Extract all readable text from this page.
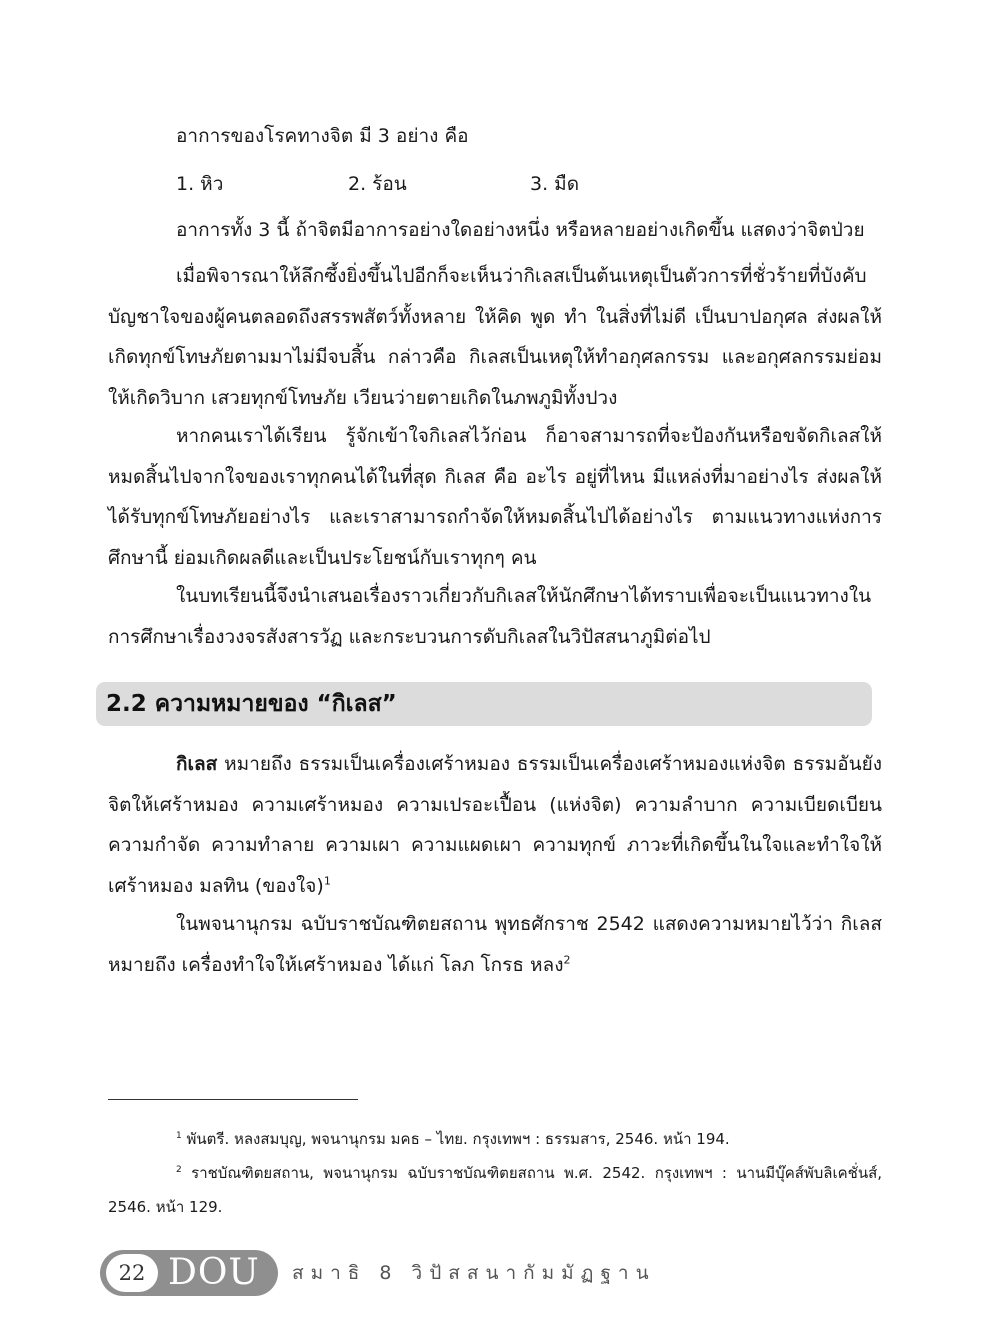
อาการของโรคทางจิต มี 3 อย่าง คือ
1. หิว	2. ร้อน	3. มืด
อาการทั้ง 3 นี้ ถ้าจิตมีอาการอย่างใดอย่างหนึ่ง หรือหลายอย่างเกิดขึ้น แสดงว่าจิตป่วย
เมื่อพิจารณาให้ลึกซึ้งยิ่งขึ้นไปอีกก็จะเห็นว่ากิเลสเป็นต้นเหตุเป็นตัวการที่ชั่วร้ายที่บังคับบัญชาใจของผู้คนตลอดถึงสรรพสัตว์ทั้งหลาย ให้คิด พูด ทำ ในสิ่งที่ไม่ดี เป็นบาปอกุศล ส่งผลให้เกิดทุกข์โทษภัยตามมาไม่มีจบสิ้น กล่าวคือ กิเลสเป็นเหตุให้ทำอกุศลกรรม และอกุศลกรรมย่อมให้เกิดวิบาก เสวยทุกข์โทษภัย เวียนว่ายตายเกิดในภพภูมิทั้งปวง
หากคนเราได้เรียน รู้จักเข้าใจกิเลสไว้ก่อน ก็อาจสามารถที่จะป้องกันหรือขจัดกิเลสให้หมดสิ้นไปจากใจของเราทุกคนได้ในที่สุด กิเลส คือ อะไร อยู่ที่ไหน มีแหล่งที่มาอย่างไร ส่งผลให้ได้รับทุกข์โทษภัยอย่างไร และเราสามารถกำจัดให้หมดสิ้นไปได้อย่างไร ตามแนวทางแห่งการศึกษานี้ ย่อมเกิดผลดีและเป็นประโยชน์กับเราทุกๆ คน
ในบทเรียนนี้จึงนำเสนอเรื่องราวเกี่ยวกับกิเลสให้นักศึกษาได้ทราบเพื่อจะเป็นแนวทางในการศึกษาเรื่องวงจรสังสารวัฏ และกระบวนการดับกิเลสในวิปัสสนาภูมิต่อไป
2.2 ความหมายของ “กิเลส”
กิเลส หมายถึง ธรรมเป็นเครื่องเศร้าหมอง ธรรมเป็นเครื่องเศร้าหมองแห่งจิต ธรรมอันยังจิตให้เศร้าหมอง ความเศร้าหมอง ความเปรอะเปื้อน (แห่งจิต) ความลำบาก ความเบียดเบียน ความกำจัด ความทำลาย ความเผา ความแผดเผา ความทุกข์ ภาวะที่เกิดขึ้นในใจและทำใจให้เศร้าหมอง มลทิน (ของใจ)$^1$
ในพจนานุกรม ฉบับราชบัณฑิตยสถาน พุทธศักราช 2542 แสดงความหมายไว้ว่า กิเลส หมายถึง เครื่องทำใจให้เศร้าหมอง ได้แก่ โลภ โกรธ หลง$^2$
$^1$ พันตรี. หลงสมบุญ, พจนานุกรม มคธ – ไทย. กรุงเทพฯ : ธรรมสาร, 2546. หน้า 194.
$^2$ ราชบัณฑิตยสถาน, พจนานุกรม ฉบับราชบัณฑิตยสถาน พ.ศ. 2542. กรุงเทพฯ : นานมีบุ๊คส์พับลิเคชั่นส์, 2546. หน้า 129.
22 DOU สมาธิ 8 วิปัสสนากัมมัฏฐาน
